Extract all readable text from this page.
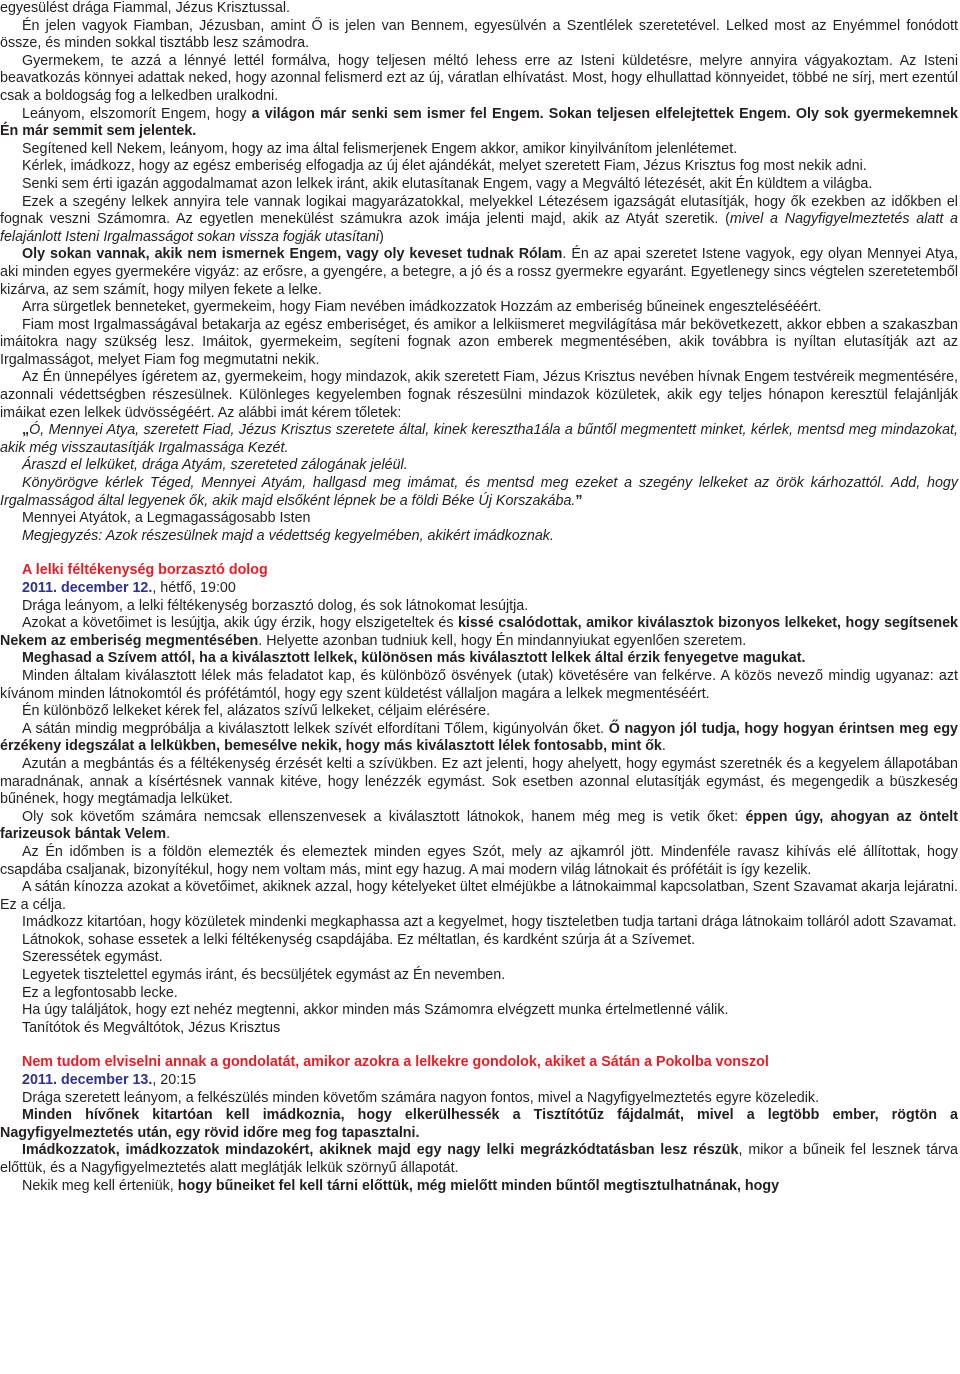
egyesülést drága Fiammal, Jézus Krisztussal.

Én jelen vagyok Fiamban, Jézusban, amint Ő is jelen van Bennem, egyesülvén a Szentlélek szeretetével. Lelked most az Enyémmel fonódott össze, és minden sokkal tisztább lesz számodra.

Gyermekem, te azzá a lénnyé lettél formálva, hogy teljesen méltó lehess erre az Isteni küldetésre, melyre annyira vágyakoztam. Az Isteni beavatkozás könnyei adattak neked, hogy azonnal felismerd ezt az új, váratlan elhívatást. Most, hogy elhullattad könnyeidet, többé ne sírj, mert ezentúl csak a boldogság fog a lelkedben uralkodni.

Leányom, elszomorít Engem, hogy a világon már senki sem ismer fel Engem. Sokan teljesen elfelejtettek Engem. Oly sok gyermekemnek Én már semmit sem jelentek.

Segítened kell Nekem, leányom, hogy az ima által felismerjenek Engem akkor, amikor kinyilvánítom jelenlétemet.

Kérlek, imádkozz, hogy az egész emberiség elfogadja az új élet ajándékát, melyet szeretett Fiam, Jézus Krisztus fog most nekik adni.

Senki sem érti igazán aggodalmamat azon lelkek iránt, akik elutasítanak Engem, vagy a Megváltó létezését, akit Én küldtem a világba.

Ezek a szegény lelkek annyira tele vannak logikai magyarázatokkal, melyekkel Létezésem igazságát elutasítják, hogy ők ezekben az időkben el fognak veszni Számomra. Az egyetlen menekülést számukra azok imája jelenti majd, akik az Atyát szeretik. (mivel a Nagyfigyelmeztetés alatt a felajánlott Isteni Irgalmasságot sokan vissza fogják utasítani)

Oly sokan vannak, akik nem ismernek Engem, vagy oly keveset tudnak Rólam. Én az apai szeretet Istene vagyok, egy olyan Mennyei Atya, aki minden egyes gyermekére vigyáz: az erősre, a gyengére, a betegre, a jó és a rossz gyermekre egyaránt. Egyetlenegy sincs végtelen szeretetemből kizárva, az sem számít, hogy milyen fekete a lelke.

Arra sürgetlek benneteket, gyermekeim, hogy Fiam nevében imádkozzatok Hozzám az emberiség bűneinek engesztelésééért.

Fiam most Irgalmasságával betakarja az egész emberiséget, és amikor a lelkiismeret megvilágítása már bekövetkezett, akkor ebben a szakaszban imáitokra nagy szükség lesz. Imáitok, gyermekeim, segíteni fognak azon emberek megmentésében, akik továbbra is nyíltan elutasítják azt az Irgalmasságot, melyet Fiam fog megmutatni nekik.

Az Én ünnepélyes ígéretem az, gyermekeim, hogy mindazok, akik szeretett Fiam, Jézus Krisztus nevében hívnak Engem testvéreik megmentésére, azonnali védettségben részesülnek. Különleges kegyelemben fognak részesülni mindazok közületek, akik egy teljes hónapon keresztül felajánlják imáikat ezen lelkek üdvösségéért. Az alábbi imát kérem tőletek:

„Ó, Mennyei Atya, szeretett Fiad, Jézus Krisztus szeretete által, kinek keresztha1ála a bűntől megmentett minket, kérlek, mentsd meg mindazokat, akik még visszautasítják Irgalmassága Kezét.

Áraszd el lelküket, drága Atyám, szereteted zálogának jeléül.

Könyörögve kérlek Téged, Mennyei Atyám, hallgasd meg imámat, és mentsd meg ezeket a szegény lelkeket az örök kárhozattól. Add, hogy Irgalmasságod által legyenek ők, akik majd elsőként lépnek be a földi Béke Új Korszakába.”

Mennyei Atyátok, a Legmagasságosabb Isten

Megjegyzés: Azok részesülnek majd a védettség kegyelmében, akikért imádkoznak.

A lelki féltékenység borzasztó dolog

2011. december 12., hétfő, 19:00

Drága leányom, a lelki féltékenység borzasztó dolog, és sok látnokomat lesújtja.

Azokat a követőimet is lesújtja, akik úgy érzik, hogy elszigeteltek és kissé csalódottak, amikor kiválasztok bizonyos lelkeket, hogy segítsenek Nekem az emberiség megmentésében. Helyette azonban tudniuk kell, hogy Én mindannyiukat egyenlően szeretem.

Meghasad a Szívem attól, ha a kiválasztott lelkek, különösen más kiválasztott lelkek által érzik fenyegetve magukat.

Minden általam kiválasztott lélek más feladatot kap, és különböző ösvények (utak) követésére van felkérve. A közös nevező mindig ugyanaz: azt kívánom minden látnokomtól és prófétámtól, hogy egy szent küldetést vállaljon magára a lelkek megmentéséért.

Én különböző lelkeket kérek fel, alázatos szívű lelkeket, céljaim elérésére.

A sátán mindig megpróbálja a kiválasztott lelkek szívét elfordítani Tőlem, kigúnyolván őket. Ő nagyon jól tudja, hogy hogyan érintsen meg egy érzékeny idegszálat a lelkükben, bemesélve nekik, hogy más kiválasztott lélek fontosabb, mint ők.

Azután a megbántás és a féltékenység érzését kelti a szívükben. Ez azt jelenti, hogy ahelyett, hogy egymást szeretnék és a kegyelem állapotában maradnának, annak a kísértésnek vannak kitéve, hogy lenézzék egymást. Sok esetben azonnal elutasítják egymást, és megengedik a büszkeség bűnének, hogy megtámadja lelküket.

Oly sok követőm számára nemcsak ellenszenvesek a kiválasztott látnokok, hanem még meg is vetik őket: éppen úgy, ahogyan az öntelt farizeusok bántak Velem.

Az Én időmben is a földön elemezték és elemeztek minden egyes Szót, mely az ajkamról jött. Mindenféle ravasz kihívás elé állítottak, hogy csapdába csaljanak, bizonyítékul, hogy nem voltam más, mint egy hazug. A mai modern világ látnokait és prófétáit is így kezelik.

A sátán kínozza azokat a követőimet, akiknek azzal, hogy kételyeket ültet elméjükbe a látnokaimmal kapcsolatban, Szent Szavamat akarja lejáratni. Ez a célja.

Imádkozz kitartóan, hogy közületek mindenki megkaphassa azt a kegyelmet, hogy tiszteletben tudja tartani drága látnokaim tolláról adott Szavamat.

Látnokok, sohase essetek a lelki féltékenység csapdájába. Ez méltatlan, és kardként szúrja át a Szívemet.

Szeressétek egymást.

Legyetek tisztelettel egymás iránt, és becsüljétek egymást az Én nevemben.

Ez a legfontosabb lecke.

Ha úgy találjátok, hogy ezt nehéz megtenni, akkor minden más Számomra elvégzett munka értelmetlenné válik.

Tanítótok és Megváltótok, Jézus Krisztus

Nem tudom elviselni annak a gondolatát, amikor azokra a lelkekre gondolok, akiket a Sátán a Pokolba vonszol

2011. december 13., 20:15

Drága szeretett leányom, a felkészülés minden követőm számára nagyon fontos, mivel a Nagyfigyelmeztetés egyre közeledik.

Minden hívőnek kitartóan kell imádkoznia, hogy elkerülhessék a Tisztítótűz fájdalmát, mivel a legtöbb ember, rögtön a Nagyfigyelmeztetés után, egy rövid időre meg fog tapasztalni.

Imádkozzatok, imádkozzatok mindazokért, akiknek majd egy nagy lelki megrázkódtatásban lesz részük, mikor a bűneik fel lesznek tárva előttük, és a Nagyfigyelmeztetés alatt meglátják lelkük szörnyű állapotát.

Nekik meg kell érteniük, hogy bűneiket fel kell tárni előttük, még mielőtt minden bűntől megtisztulhatnának, hogy
